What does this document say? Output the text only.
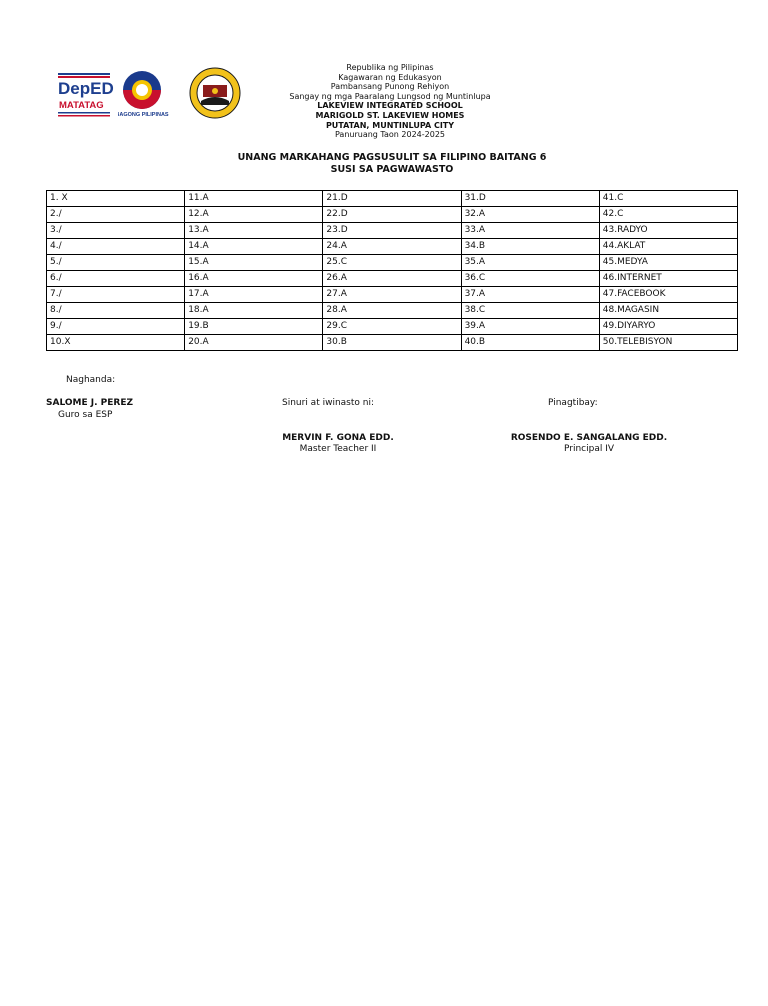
DepED
MATATAG
BAGONG PILIPINAS
Republika ng Pilipinas
Kagawaran ng Edukasyon
Pambansang Punong Rehiyon
Sangay ng mga Paaralang Lungsod ng Muntinlupa
LAKEVIEW INTEGRATED SCHOOL
MARIGOLD ST. LAKEVIEW HOMES
PUTATAN, MUNTINLUPA CITY
Panuruang Taon 2024-2025
UNANG MARKAHANG PAGSUSULIT SA FILIPINO BAITANG 6
SUSI SA PAGWAWASTO
1. X	11.A	21.D	31.D	41.C
2./	12.A	22.D	32.A	42.C
3./	13.A	23.D	33.A	43.RADYO
4./	14.A	24.A	34.B	44.AKLAT
5./	15.A	25.C	35.A	45.MEDYA
6./	16.A	26.A	36.C	46.INTERNET
7./	17.A	27.A	37.A	47.FACEBOOK
8./	18.A	28.A	38.C	48.MAGASIN
9./	19.B	29.C	39.A	49.DIYARYO
10.X	20.A	30.B	40.B	50.TELEBISYON
Naghanda:
SALOME J. PEREZ
Guro sa ESP
Sinuri at iwinasto ni:
MERVIN F. GONA EDD.
Master Teacher II
Pinagtibay:
ROSENDO E. SANGALANG EDD.
Principal IV
